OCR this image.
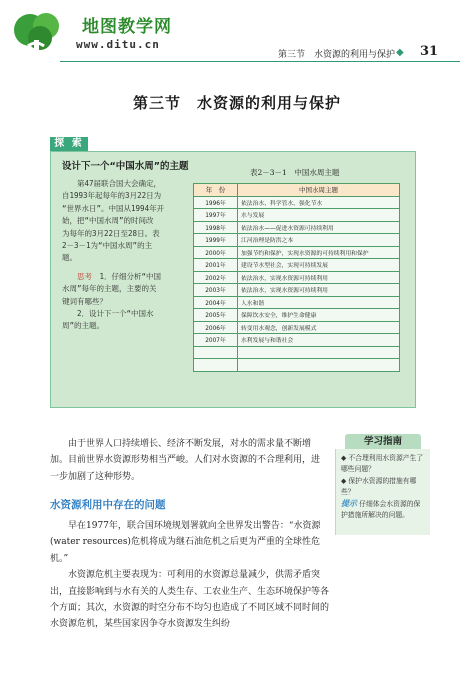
地图教学网
www.ditu.cn
第三节　水资源的利用与保护 ◆ 31
第三节　水资源的利用与保护
探 索
设计下一个“中国水周”的主题
　　第47届联合国大会确定，
自1993年起每年的3月22日为
“世界水日”。中国从1994年开
始，把“中国水周”的时间改
为每年的3月22日至28日。表
2－3－1为“中国水周”的主
题。
　　思考　 1．仔细分析“中国
水周”每年的主题，主要的关
键词有哪些？
　　2．设计下一个“中国水
周”的主题。
表2－3－1　中国水周主题
年　份	中国水周主题
1996年	依法治水、科学管水、强化节水
1997年	水与发展
1998年	依法治水——促进水资源可持续利用
1999年	江河治理是防洪之本
2000年	加强节约和保护，实现水资源的可持续利用和保护
2001年	建设节水型社会，实现可持续发展
2002年	依法治水，实现水资源可持续利用
2003年	依法治水，实现水资源可持续利用
2004年	人水和谐
2005年	保障饮水安全，维护生命健康
2006年	转变用水观念，创新发展模式
2007年	水利发展与和谐社会

由于世界人口持续增长、经济不断发展，对水的需求量不断增加。目前世界水资源形势相当严峻。人们对水资源的不合理利用，进一步加剧了这种形势。

学习指南
◆ 不合理利用水资源产生了哪些问题？
◆ 保护水资源的措施有哪些？
提示 仔细体会水资源的保护措施所解决的问题。
水资源利用中存在的问题

早在1977年，联合国环境规划署就向全世界发出警告：“水资源(water resources)危机将成为继石油危机之后更为严重的全球性危机。”

水资源危机主要表现为：可利用的水资源总量减少，供需矛盾突出，直接影响到与水有关的人类生存、工农业生产、生态环境保护等各个方面；其次，水资源的时空分布不均匀也造成了不同区域不同时间的水资源危机，某些国家因争夺水资源发生纠纷
